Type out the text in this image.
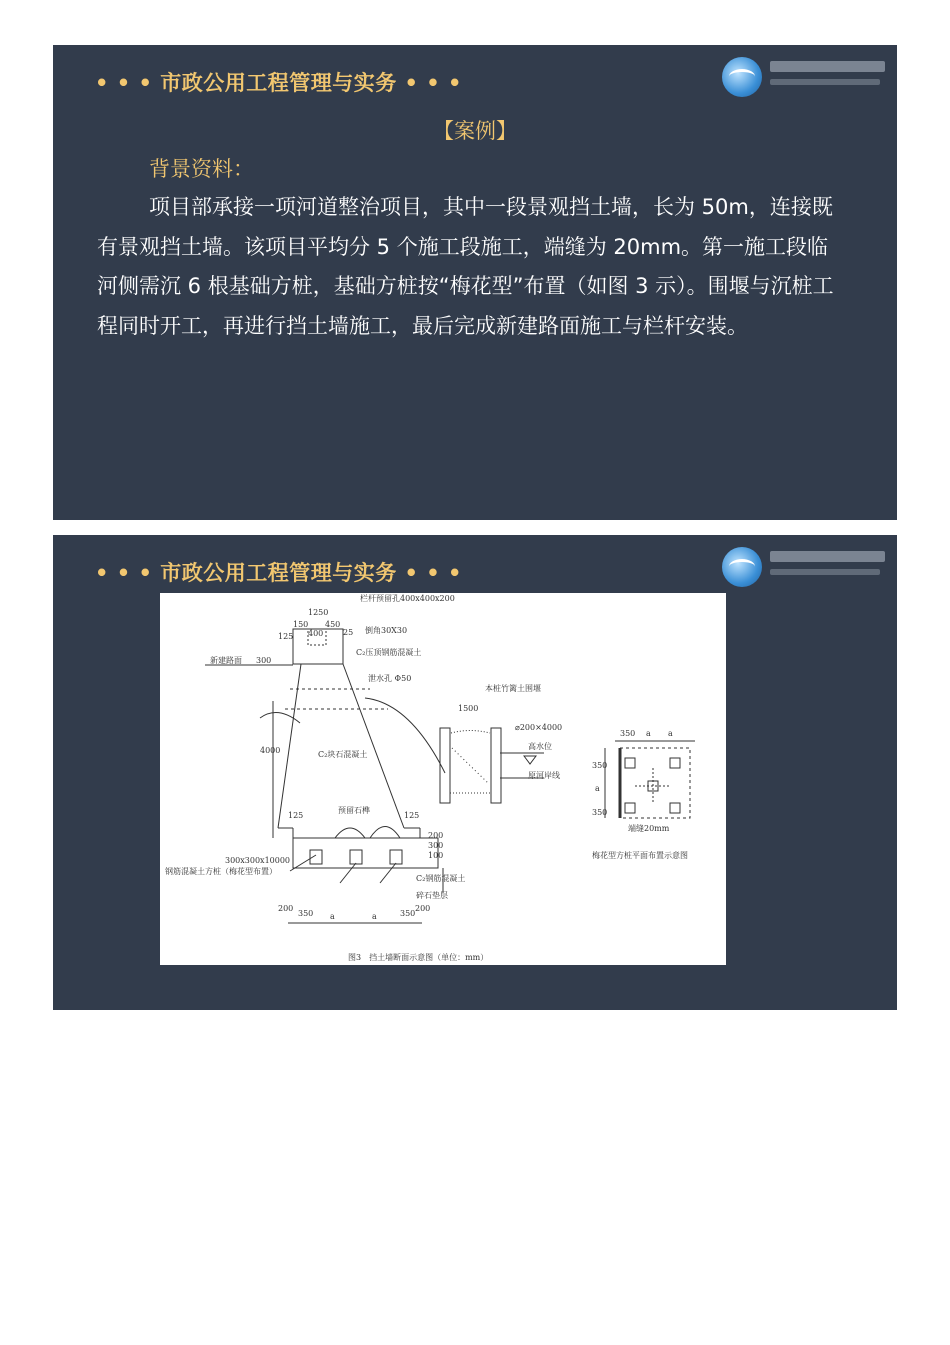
• • • 市政公用工程管理与实务 • • •
【案例】
背景资料：
项目部承接一项河道整治项目，其中一段景观挡土墙，长为 50m，连接既有景观挡土墙。该项目平均分 5 个施工段施工，端缝为 20mm。第一施工段临河侧需沉 6 根基础方桩，基础方桩按“梅花型”布置（如图 3 示）。围堰与沉桩工程同时开工，再进行挡土墙施工，最后完成新建路面施工与栏杆安装。
• • • 市政公用工程管理与实务 • • •
栏杆预留孔400x400x200
1250
150 450
400
125	25 倒角30X30
C₂压顶钢筋混凝土
新建路面 300
泄水孔 Φ50
4000	C₂块石混凝土
预留石榫
125	125
300
100
200
300x300x10000
钢筋混凝土方桩（梅花型布置）
C₂钢筋混凝土
碎石垫层
200
350 a	a	350
200
本桩竹篱土围堰
1500
⌀200×4000
高水位
原河岸线
350 a a
350
a
350
端缝20mm
梅花型方桩平面布置示意图
图3　挡土墙断面示意图（单位：mm）
